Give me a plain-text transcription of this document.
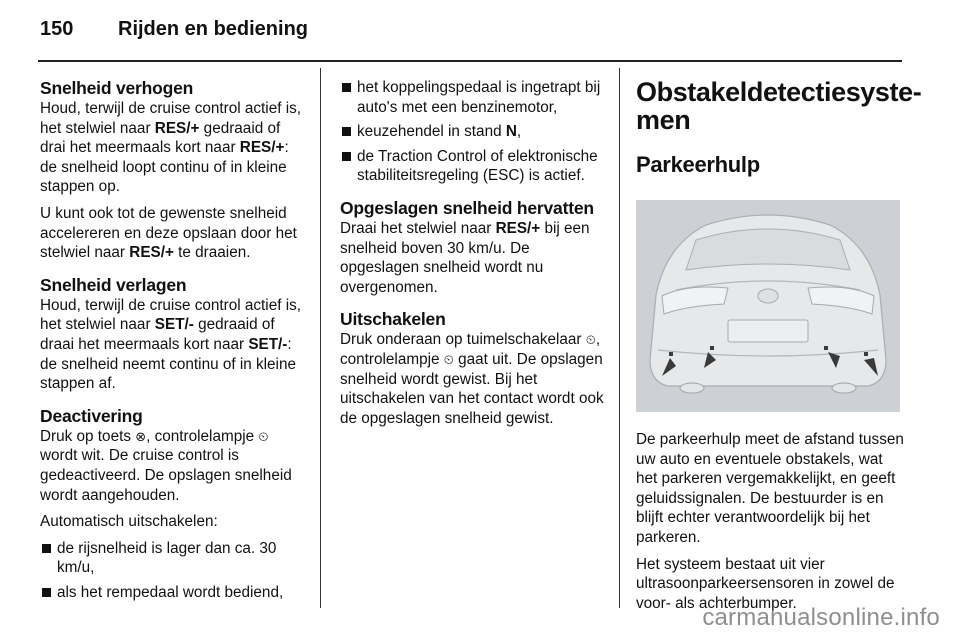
150 Rijden en bediening
Snelheid verhogen

Houd, terwijl de cruise control actief is, het stelwiel naar RES/+ gedraaid of drai het meermaals kort naar RES/+: de snelheid loopt continu of in kleine stappen op.

U kunt ook tot de gewenste snelheid accelereren en deze opslaan door het stelwiel naar RES/+ te draaien.

Snelheid verlagen

Houd, terwijl de cruise control actief is, het stelwiel naar SET/- gedraaid of draai het meermaals kort naar SET/-: de snelheid neemt continu of in kleine stappen af.

Deactivering

Druk op toets ⊗, controlelampje ⏲ wordt wit. De cruise control is gedeactiveerd. De opslagen snelheid wordt aangehouden.

Automatisch uitschakelen:

de rijsnelheid is lager dan ca. 30 km/u,
als het rempedaal wordt bediend,
het koppelingspedaal is ingetrapt bij auto's met een benzinemotor,
keuzehendel in stand N,
de Traction Control of elektronische stabiliteitsregeling (ESC) is actief.
Opgeslagen snelheid hervatten

Draai het stelwiel naar RES/+ bij een snelheid boven 30 km/u. De opgeslagen snelheid wordt nu overgenomen.

Uitschakelen

Druk onderaan op tuimelschakelaar ⏲, controlelampje ⏲ gaat uit. De opslagen snelheid wordt gewist. Bij het uitschakelen van het contact wordt ook de opgeslagen snelheid gewist.

Obstakeldetectiesyste-men
Parkeerhulp

De parkeerhulp meet de afstand tussen uw auto en eventuele obstakels, wat het parkeren vergemakkelijkt, en geeft geluidssignalen. De bestuurder is en blijft echter verantwoordelijk bij het parkeren.

Het systeem bestaat uit vier ultrasoonparkeersensoren in zowel de voor- als achterbumper.

carmanualsonline.info
